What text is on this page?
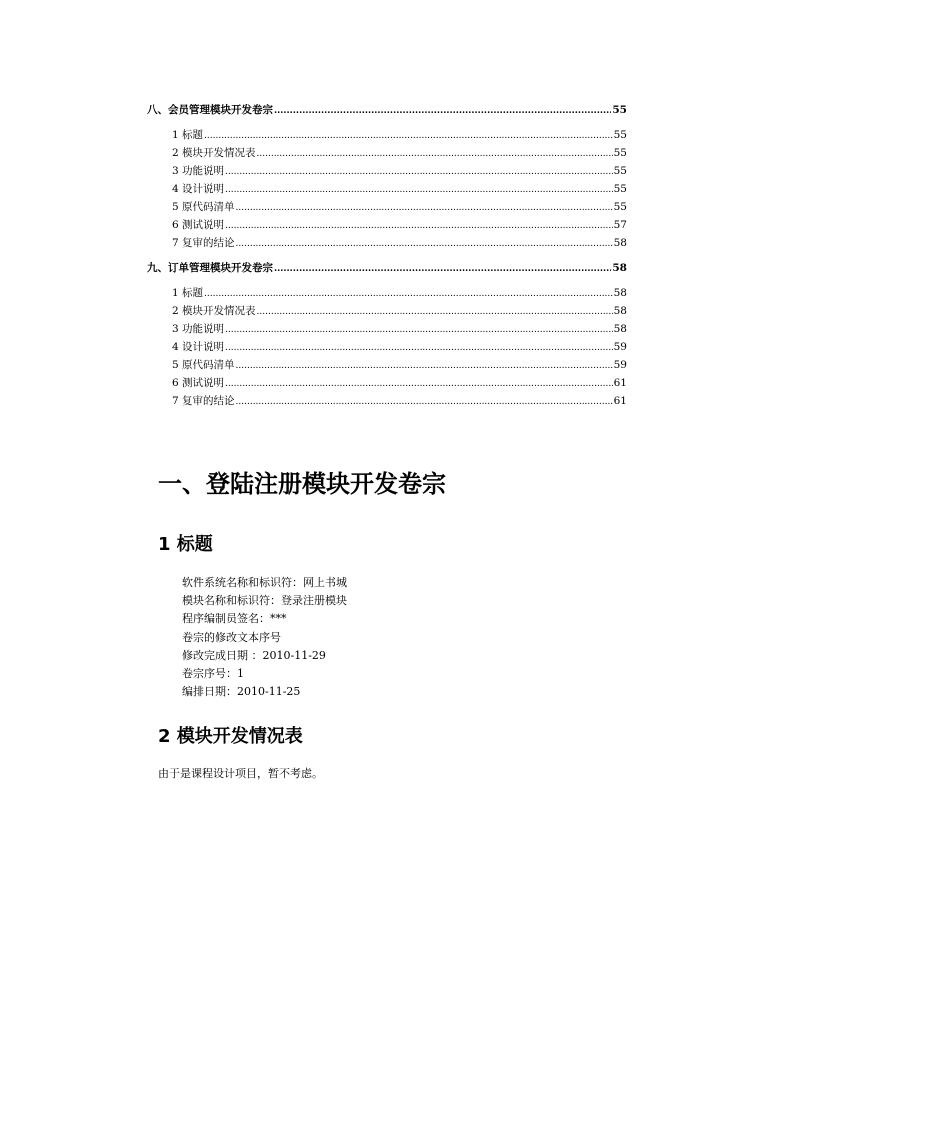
八、会员管理模块开发卷宗 .....	55
1 标题 .....	55
2 模块开发情况表 .....	55
3 功能说明 .....	55
4 设计说明 .....	55
5 原代码清单 .....	55
6 测试说明 .....	57
7 复审的结论 .....	58
九、订单管理模块开发卷宗 .....	58
1 标题 .....	58
2 模块开发情况表 .....	58
3 功能说明 .....	58
4 设计说明 .....	59
5 原代码清单 .....	59
6 测试说明 .....	61
7 复审的结论 .....	61
一、登陆注册模块开发卷宗
1 标题
软件系统名称和标识符：网上书城
模块名称和标识符：登录注册模块
程序编制员签名：***
卷宗的修改文本序号
修改完成日期 ：2010-11-29
卷宗序号：1
编排日期：2010-11-25
2 模块开发情况表

由于是课程设计项目，暂不考虑。
